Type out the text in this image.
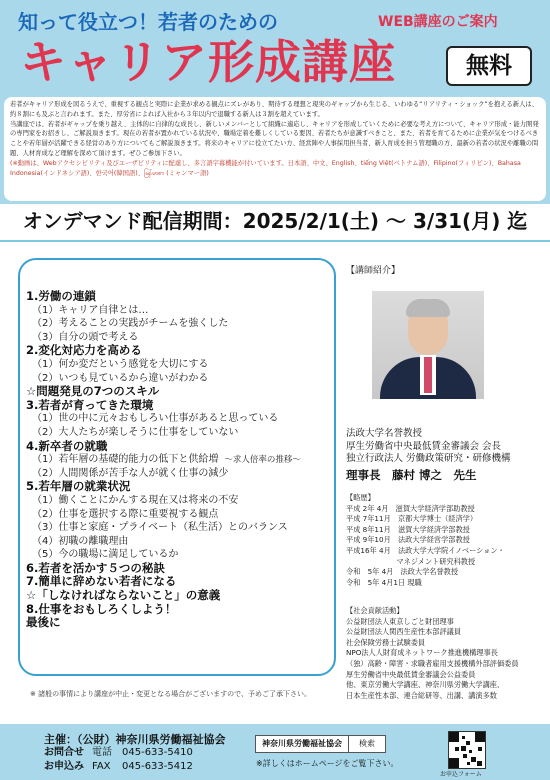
知って役立つ！若者のための	WEB講座のご案内
キャリア形成講座	無料

若者がキャリア形成を図るうえで、重視する観点と実際に企業が求める観点にズレがあり、期待する理想と現実のギャップから生じる、いわゆる“リアリティ・ショック”を抱える新人は、約８割にも及ぶと言われます。また、厚労省によれば入社から３年以内で退職する新人は３割を超えています。

当講座では、若者がギャップを乗り越え、主体的に自律的な成長し、新しいメンバーとして組織に適応し、キャリアを形成していくために必要な考え方について、キャリア形成・能力開発の専門家をお招きし、ご解説頂きます。現在の若者が置かれている状況や、職場定着を難しくしている要因、若者たちが意識すべきこと、また、若者を育てるために企業が気をつけるべきことや若年層が活躍できる経営のあり方についてもご解説頂きます。将来のキャリアに役立てたい方、経営陣や人事採用担当者、新人育成を担う管理職の方、最新の若者の状況や離職の問題、人材育成など理解を深めて頂けます。ぜひご参加下さい。

(※動画は、Webアクセシビリティ及びユーザビリティに配慮し、多言語字幕機能が付いています。日本語、中文、English、tiếng Việt(ベトナム語)、Filipino(フィリピン)、Bahasa Indonesia(インドネシア語)、한국어(韓国語)、မြန်မာစာ (ミャンマー語)

オンデマンド配信期間：2025/2/1(土) ～ 3/31(月) 迄
1.労働の連鎖
（1）キャリア自律とは…
（2）考えることの実践がチームを強くした
（3）自分の頭で考える
2.変化対応力を高める
（1）何か変だという感覚を大切にする
（2）いつも見ているから違いがわかる
☆問題発見の7つのスキル
3.若者が育ってきた環境
（1）世の中に元々おもしろい仕事があると思っている
（2）大人たちが楽しそうに仕事をしていない
4.新卒者の就職
（1）若年層の基礎的能力の低下と供給増 ～求人倍率の推移～
（2）人間関係が苦手な人が就く仕事の減少
5.若年層の就業状況
（1）働くことにかんする現在又は将来の不安
（2）仕事を選択する際に重要視する観点
（3）仕事と家庭・プライベート（私生活）とのバランス
（4）初職の離職理由
（5）今の職場に満足しているか
6.若者を活かす５つの秘訣
7.簡単に辞めない若者になる
☆「しなければならないこと」の意義
8.仕事をおもしろくしよう！
最後に
※ 諸般の事情により講座が中止・変更となる場合がございますので、予めご了承下さい。
【講師紹介】
法政大学名誉教授
厚生労働省中央最低賃金審議会 会長
独立行政法人 労働政策研究・研修機構
理事長　藤村 博之　先生
【略歴】
平成 2年 4月　滋賀大学経済学部助教授
平成 7年11月　京都大学博士（経済学）
平成 8年11月　滋賀大学経済学部教授
平成 9年10月　法政大学経営学部教授
平成16年 4月　法政大学大学院イノベーション・
　　　　　　　マネジメント研究科教授
令和　5年 4月　法政大学名誉教授
令和　5年 4月1日 現職
【社会貢献活動】
公益財団法人東京しごと財団理事
公益財団法人関西生産性本部評議員
社会保険労務士試験委員
NPO法人人財育成ネットワーク推進機構理事長
（独）高齢・障害・求職者雇用支援機構外部評価委員
厚生労働省中央最低賃金審議会公益委員
他、東京労働大学講座、神奈川県労働大学講座、
日本生産性本部、連合総研等、出講、講演多数
主催：（公財）神奈川県労働福祉協会
お問合せ 電話 045-633-5410
お申込み FAX 045-633-5412
神奈川県労働福祉協会	検索
※詳しくはホームページをご覧下さい。
お申込フォーム
